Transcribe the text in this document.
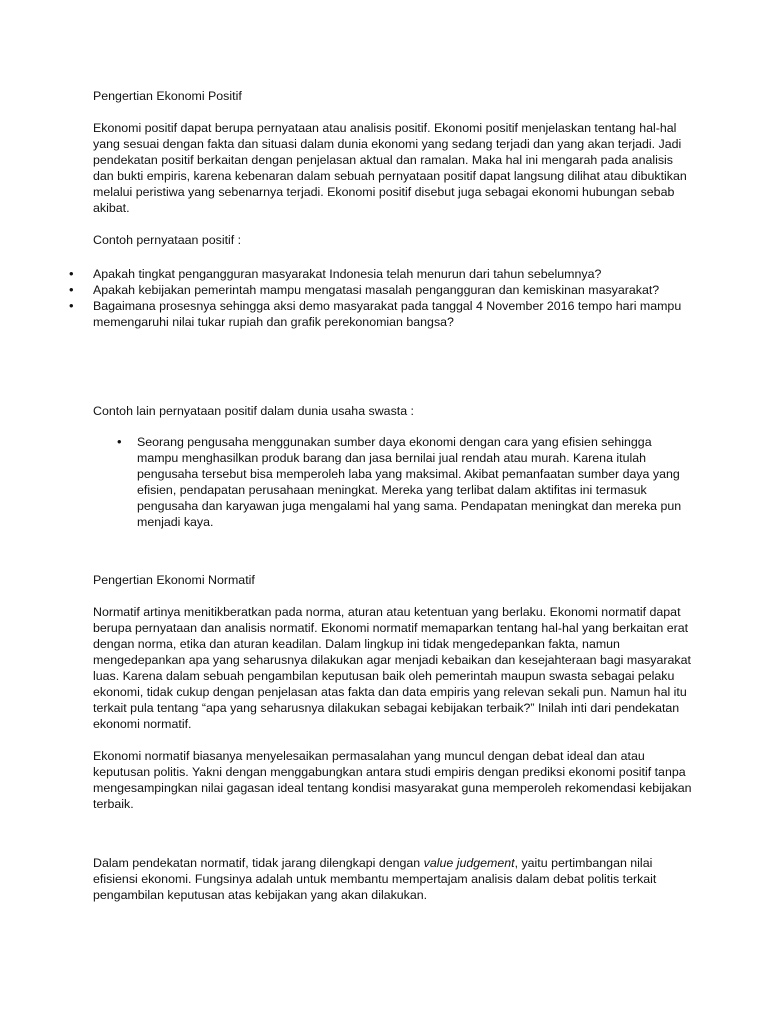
Pengertian Ekonomi Positif

Ekonomi positif dapat berupa pernyataan atau analisis positif. Ekonomi positif menjelaskan tentang hal-hal yang sesuai dengan fakta dan situasi dalam dunia ekonomi yang sedang terjadi dan yang akan terjadi. Jadi pendekatan positif berkaitan dengan penjelasan aktual dan ramalan. Maka hal ini mengarah pada analisis dan bukti empiris, karena kebenaran dalam sebuah pernyataan positif dapat langsung dilihat atau dibuktikan melalui peristiwa yang sebenarnya terjadi. Ekonomi positif disebut juga sebagai ekonomi hubungan sebab akibat.

Contoh pernyataan positif :
• Apakah tingkat pengangguran masyarakat Indonesia telah menurun dari tahun sebelumnya?
• Apakah kebijakan pemerintah mampu mengatasi masalah pengangguran dan kemiskinan masyarakat?
• Bagaimana prosesnya sehingga aksi demo masyarakat pada tanggal 4 November 2016 tempo hari mampu memengaruhi nilai tukar rupiah dan grafik perekonomian bangsa?
Contoh lain pernyataan positif dalam dunia usaha swasta :
• Seorang pengusaha menggunakan sumber daya ekonomi dengan cara yang efisien sehingga mampu menghasilkan produk barang dan jasa bernilai jual rendah atau murah. Karena itulah pengusaha tersebut bisa memperoleh laba yang maksimal. Akibat pemanfaatan sumber daya yang efisien, pendapatan perusahaan meningkat. Mereka yang terlibat dalam aktifitas ini termasuk pengusaha dan karyawan juga mengalami hal yang sama. Pendapatan meningkat dan mereka pun menjadi kaya.
Pengertian Ekonomi Normatif

Normatif artinya menitikberatkan pada norma, aturan atau ketentuan yang berlaku. Ekonomi normatif dapat berupa pernyataan dan analisis normatif. Ekonomi normatif memaparkan tentang hal-hal yang berkaitan erat dengan norma, etika dan aturan keadilan. Dalam lingkup ini tidak mengedepankan fakta, namun mengedepankan apa yang seharusnya dilakukan agar menjadi kebaikan dan kesejahteraan bagi masyarakat luas. Karena dalam sebuah pengambilan keputusan baik oleh pemerintah maupun swasta sebagai pelaku ekonomi, tidak cukup dengan penjelasan atas fakta dan data empiris yang relevan sekali pun. Namun hal itu terkait pula tentang “apa yang seharusnya dilakukan sebagai kebijakan terbaik?” Inilah inti dari pendekatan ekonomi normatif.

Ekonomi normatif biasanya menyelesaikan permasalahan yang muncul dengan debat ideal dan atau keputusan politis. Yakni dengan menggabungkan antara studi empiris dengan prediksi ekonomi positif tanpa mengesampingkan nilai gagasan ideal tentang kondisi masyarakat guna memperoleh rekomendasi kebijakan terbaik.

Dalam pendekatan normatif, tidak jarang dilengkapi dengan value judgement, yaitu pertimbangan nilai efisiensi ekonomi. Fungsinya adalah untuk membantu mempertajam analisis dalam debat politis terkait pengambilan keputusan atas kebijakan yang akan dilakukan.
